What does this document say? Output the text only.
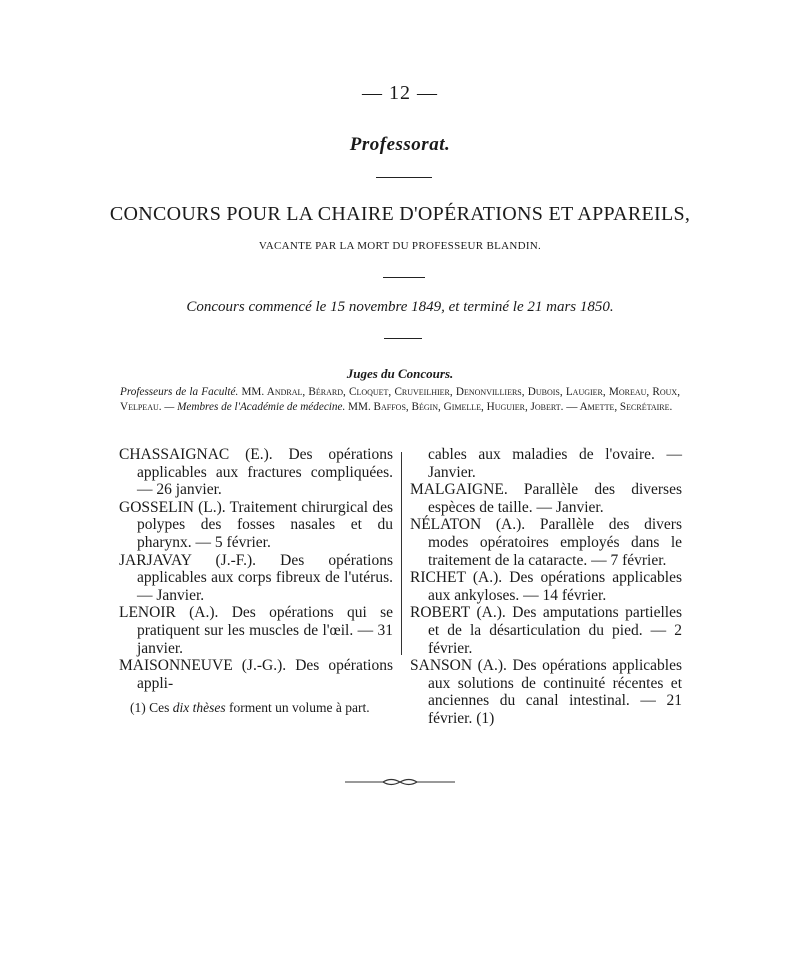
— 12 —
Professorat.
CONCOURS POUR LA CHAIRE D'OPÉRATIONS ET APPAREILS,
VACANTE PAR LA MORT DU PROFESSEUR BLANDIN.
Concours commencé le 15 novembre 1849, et terminé le 21 mars 1850.
Juges du Concours.
Professeurs de la Faculté. MM. Andral, Bérard, Cloquet, Cruveilhier, Denonvilliers, Dubois, Laugier, Moreau, Roux, Velpeau. — Membres de l'Académie de médecine. MM. Baffos, Bégin, Gimelle, Huguier, Jobert. — Amette, Secrétaire.

CHASSAIGNAC (E.). Des opérations applicables aux fractures compliquées. — 26 janvier.

GOSSELIN (L.). Traitement chirurgical des polypes des fosses nasales et du pharynx. — 5 février.

JARJAVAY (J.-F.). Des opérations applicables aux corps fibreux de l'utérus. — Janvier.

LENOIR (A.). Des opérations qui se pratiquent sur les muscles de l'œil. — 31 janvier.

MAISONNEUVE (J.-G.). Des opérations appli-

cables aux maladies de l'ovaire. — Janvier.

MALGAIGNE. Parallèle des diverses espèces de taille. — Janvier.

NÉLATON (A.). Parallèle des divers modes opératoires employés dans le traitement de la cataracte. — 7 février.

RICHET (A.). Des opérations applicables aux ankyloses. — 14 février.

ROBERT (A.). Des amputations partielles et de la désarticulation du pied. — 2 février.

SANSON (A.). Des opérations applicables aux solutions de continuité récentes et anciennes du canal intestinal. — 21 février. (1)

(1) Ces dix thèses forment un volume à part.
